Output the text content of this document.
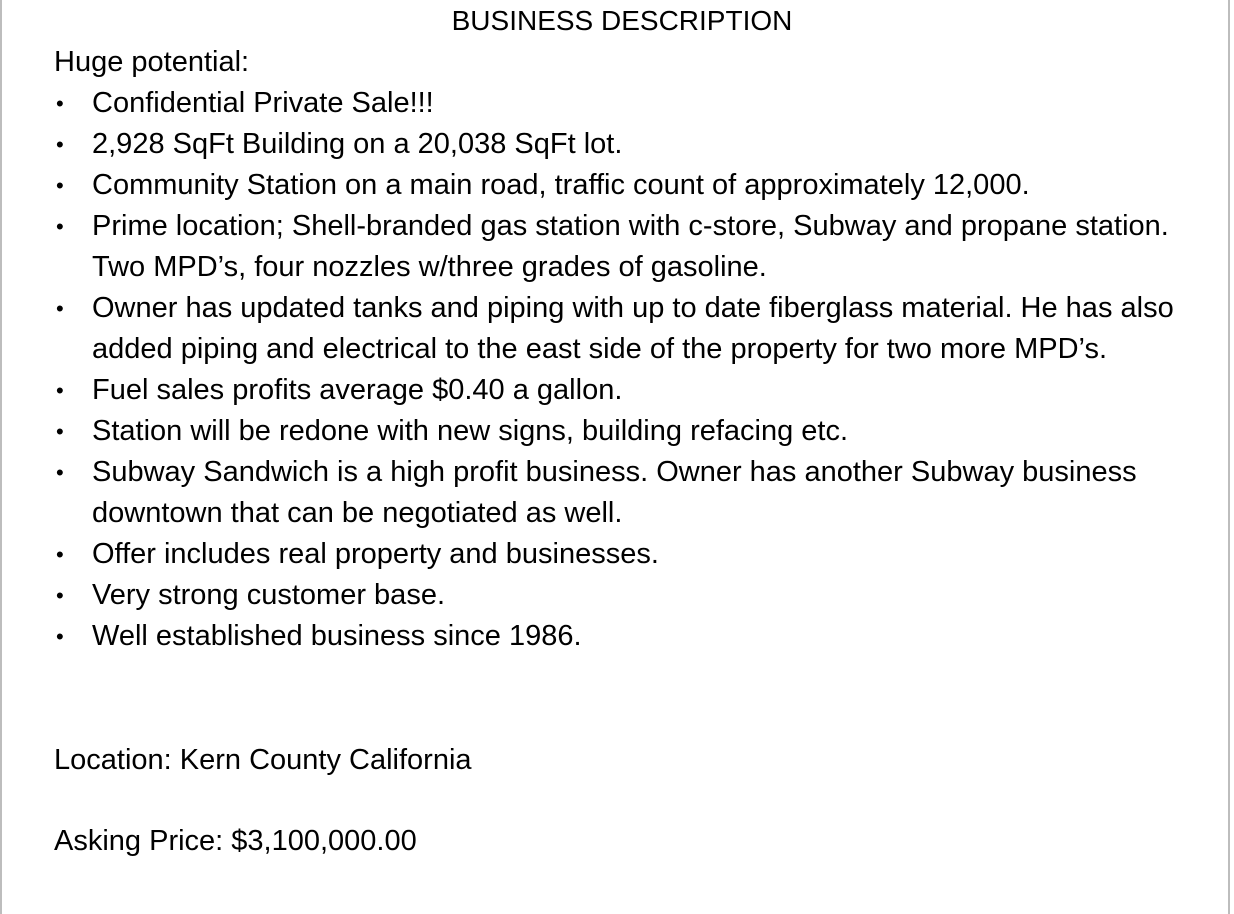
BUSINESS DESCRIPTION
Huge potential:
• Confidential Private Sale!!!
• 2,928 SqFt Building on a 20,038 SqFt lot.
• Community Station on a main road, traffic count of approximately 12,000.
• Prime location; Shell-branded gas station with c-store, Subway and propane station. Two MPD’s, four nozzles w/three grades of gasoline.
• Owner has updated tanks and piping with up to date fiberglass material. He has also added piping and electrical to the east side of the property for two more MPD’s.
• Fuel sales profits average $0.40 a gallon.
• Station will be redone with new signs, building refacing etc.
• Subway Sandwich is a high profit business. Owner has another Subway business downtown that can be negotiated as well.
• Offer includes real property and businesses.
• Very strong customer base.
• Well established business since 1986.
Location: Kern County California
Asking Price: $3,100,000.00
